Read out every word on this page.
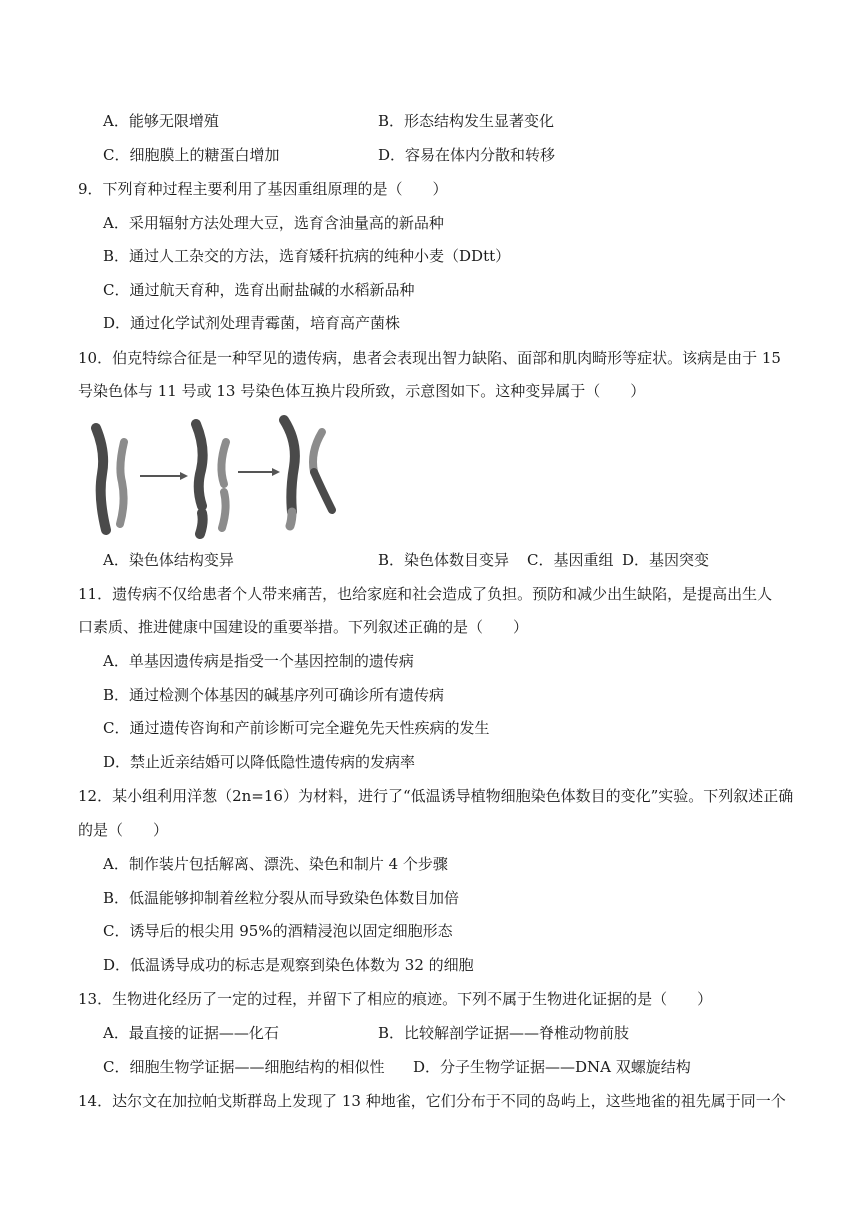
A．能够无限增殖	B．形态结构发生显著变化
C．细胞膜上的糖蛋白增加	D．容易在体内分散和转移
9．下列育种过程主要利用了基因重组原理的是（　　）
A．采用辐射方法处理大豆，选育含油量高的新品种
B．通过人工杂交的方法，选育矮秆抗病的纯种小麦（DDtt）
C．通过航天育种，选育出耐盐碱的水稻新品种
D．通过化学试剂处理青霉菌，培育高产菌株
10．伯克特综合征是一种罕见的遗传病，患者会表现出智力缺陷、面部和肌肉畸形等症状。该病是由于 15
号染色体与 11 号或 13 号染色体互换片段所致，示意图如下。这种变异属于（　　）
A．染色体结构变异	B．染色体数目变异 C．基因重组 D．基因突变
11．遗传病不仅给患者个人带来痛苦，也给家庭和社会造成了负担。预防和减少出生缺陷，是提高出生人
口素质、推进健康中国建设的重要举措。下列叙述正确的是（　　）
A．单基因遗传病是指受一个基因控制的遗传病
B．通过检测个体基因的碱基序列可确诊所有遗传病
C．通过遗传咨询和产前诊断可完全避免先天性疾病的发生
D．禁止近亲结婚可以降低隐性遗传病的发病率
12．某小组利用洋葱（2n=16）为材料，进行了“低温诱导植物细胞染色体数目的变化”实验。下列叙述正确
的是（　　）
A．制作装片包括解离、漂洗、染色和制片 4 个步骤
B．低温能够抑制着丝粒分裂从而导致染色体数目加倍
C．诱导后的根尖用 95%的酒精浸泡以固定细胞形态
D．低温诱导成功的标志是观察到染色体数为 32 的细胞
13．生物进化经历了一定的过程，并留下了相应的痕迹。下列不属于生物进化证据的是（　　）
A．最直接的证据——化石	B．比较解剖学证据——脊椎动物前肢
C．细胞生物学证据——细胞结构的相似性 D．分子生物学证据——DNA 双螺旋结构
14．达尔文在加拉帕戈斯群岛上发现了 13 种地雀，它们分布于不同的岛屿上，这些地雀的祖先属于同一个
